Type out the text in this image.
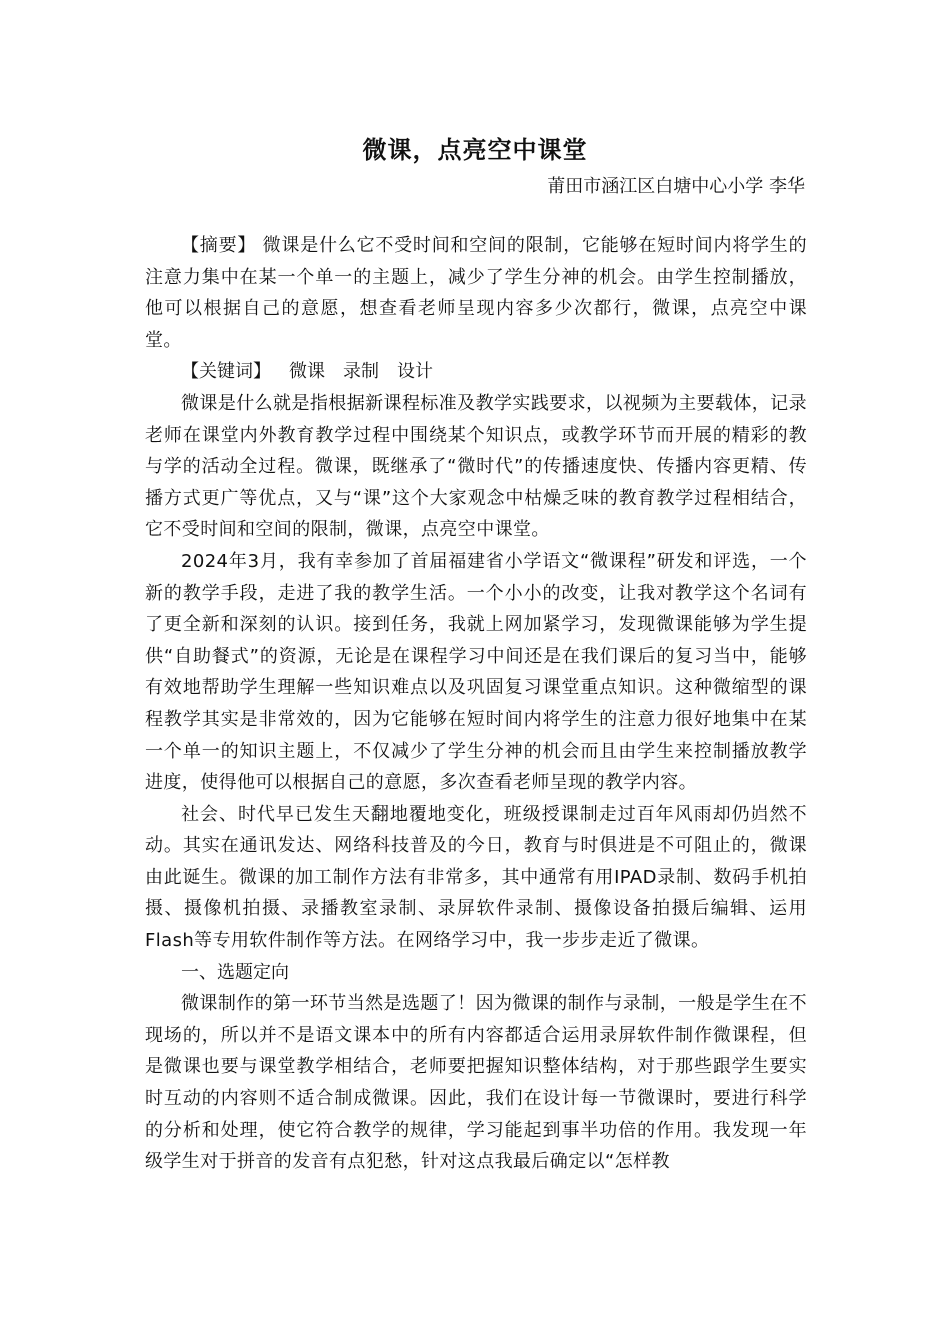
微课，点亮空中课堂
莆田市涵江区白塘中心小学 李华

【摘要】 微课是什么它不受时间和空间的限制，它能够在短时间内将学生的注意力集中在某一个单一的主题上，减少了学生分神的机会。由学生控制播放，他可以根据自己的意愿，想查看老师呈现内容多少次都行，微课，点亮空中课堂。

【关键词】 微课 录制 设计

微课是什么就是指根据新课程标准及教学实践要求，以视频为主要载体，记录老师在课堂内外教育教学过程中围绕某个知识点，或教学环节而开展的精彩的教与学的活动全过程。微课，既继承了“微时代”的传播速度快、传播内容更精、传播方式更广等优点，又与“课”这个大家观念中枯燥乏味的教育教学过程相结合，它不受时间和空间的限制，微课，点亮空中课堂。

2024年3月，我有幸参加了首届福建省小学语文“微课程”研发和评选，一个新的教学手段，走进了我的教学生活。一个小小的改变，让我对教学这个名词有了更全新和深刻的认识。接到任务，我就上网加紧学习，发现微课能够为学生提供“自助餐式”的资源，无论是在课程学习中间还是在我们课后的复习当中，能够有效地帮助学生理解一些知识难点以及巩固复习课堂重点知识。这种微缩型的课程教学其实是非常效的，因为它能够在短时间内将学生的注意力很好地集中在某一个单一的知识主题上，不仅减少了学生分神的机会而且由学生来控制播放教学进度，使得他可以根据自己的意愿，多次查看老师呈现的教学内容。

社会、时代早已发生天翻地覆地变化，班级授课制走过百年风雨却仍岿然不动。其实在通讯发达、网络科技普及的今日，教育与时俱进是不可阻止的，微课由此诞生。微课的加工制作方法有非常多，其中通常有用IPAD录制、数码手机拍摄、摄像机拍摄、录播教室录制、录屏软件录制、摄像设备拍摄后编辑、运用Flash等专用软件制作等方法。在网络学习中，我一步步走近了微课。

一、选题定向

微课制作的第一环节当然是选题了！因为微课的制作与录制，一般是学生在不现场的，所以并不是语文课本中的所有内容都适合运用录屏软件制作微课程，但是微课也要与课堂教学相结合，老师要把握知识整体结构，对于那些跟学生要实时互动的内容则不适合制成微课。因此，我们在设计每一节微课时，要进行科学的分析和处理，使它符合教学的规律，学习能起到事半功倍的作用。我发现一年级学生对于拼音的发音有点犯愁，针对这点我最后确定以“怎样教
